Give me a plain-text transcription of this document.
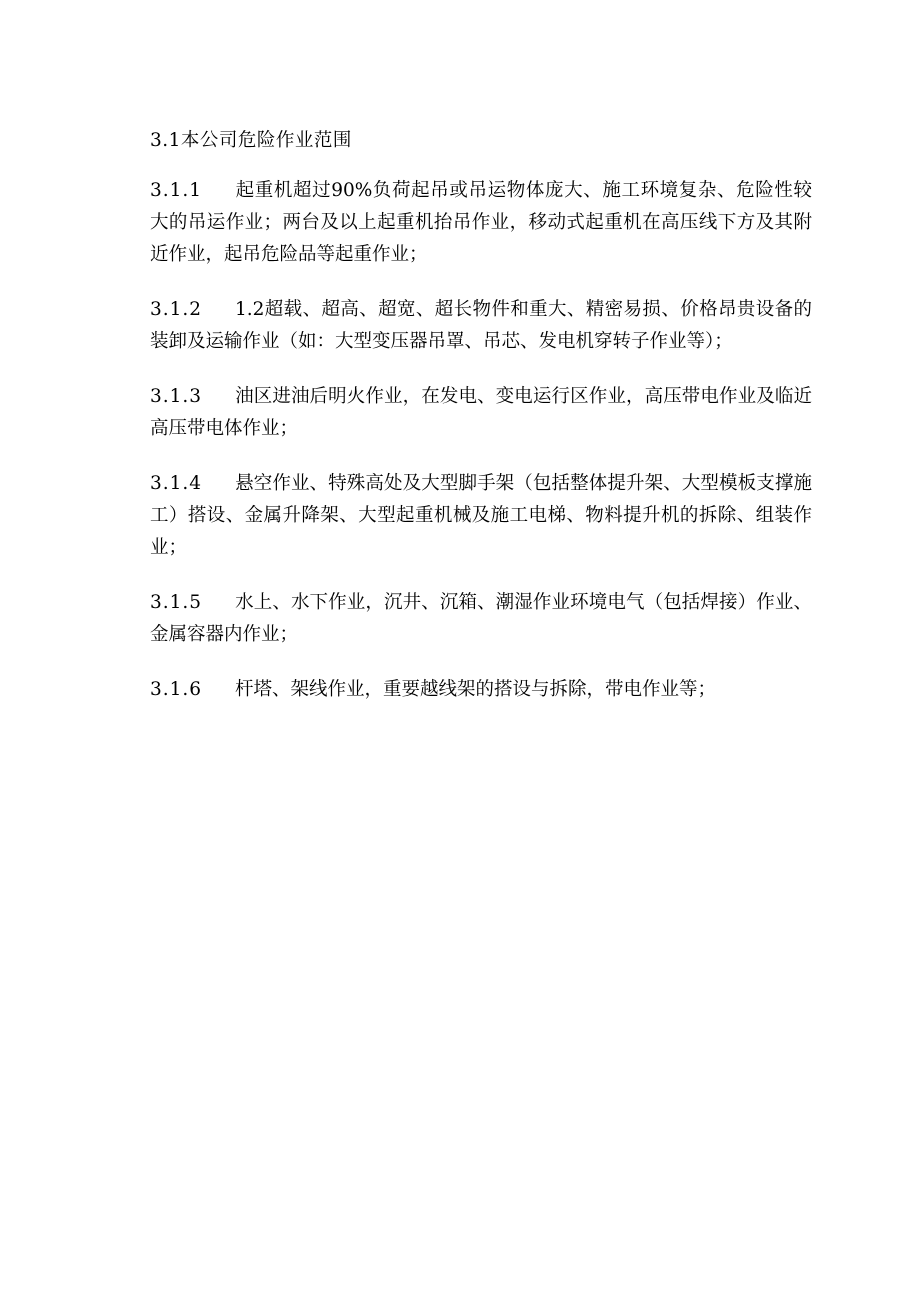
3.1本公司危险作业范围
3.1.1 起重机超过90%负荷起吊或吊运物体庞大、施工环境复杂、危险性较大的吊运作业；两台及以上起重机抬吊作业，移动式起重机在高压线下方及其附近作业，起吊危险品等起重作业；
3.1.2 1.2超载、超高、超宽、超长物件和重大、精密易损、价格昂贵设备的装卸及运输作业（如：大型变压器吊罩、吊芯、发电机穿转子作业等）；
3.1.3 油区进油后明火作业，在发电、变电运行区作业，高压带电作业及临近高压带电体作业；
3.1.4 悬空作业、特殊高处及大型脚手架（包括整体提升架、大型模板支撑施工）搭设、金属升降架、大型起重机械及施工电梯、物料提升机的拆除、组装作业；
3.1.5 水上、水下作业，沉井、沉箱、潮湿作业环境电气（包括焊接）作业、金属容器内作业；
3.1.6 杆塔、架线作业，重要越线架的搭设与拆除，带电作业等；
